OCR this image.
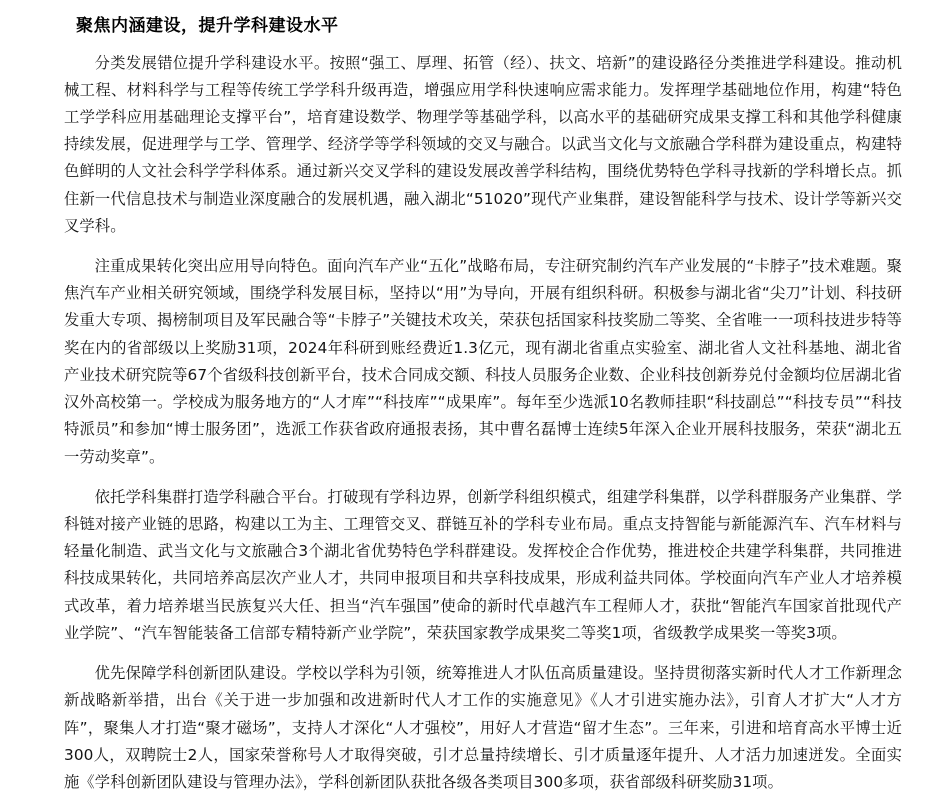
聚焦内涵建设，提升学科建设水平

分类发展错位提升学科建设水平。按照“强工、厚理、拓管（经）、扶文、培新”的建设路径分类推进学科建设。推动机械工程、材料科学与工程等传统工学学科升级再造，增强应用学科快速响应需求能力。发挥理学基础地位作用，构建“特色工学学科应用基础理论支撑平台”，培育建设数学、物理学等基础学科，以高水平的基础研究成果支撑工科和其他学科健康持续发展，促进理学与工学、管理学、经济学等学科领域的交叉与融合。以武当文化与文旅融合学科群为建设重点，构建特色鲜明的人文社会科学学科体系。通过新兴交叉学科的建设发展改善学科结构，围绕优势特色学科寻找新的学科增长点。抓住新一代信息技术与制造业深度融合的发展机遇，融入湖北“51020”现代产业集群，建设智能科学与技术、设计学等新兴交叉学科。

注重成果转化突出应用导向特色。面向汽车产业“五化”战略布局，专注研究制约汽车产业发展的“卡脖子”技术难题。聚焦汽车产业相关研究领域，围绕学科发展目标，坚持以“用”为导向，开展有组织科研。积极参与湖北省“尖刀”计划、科技研发重大专项、揭榜制项目及军民融合等“卡脖子”关键技术攻关，荣获包括国家科技奖励二等奖、全省唯一一项科技进步特等奖在内的省部级以上奖励31项，2024年科研到账经费近1.3亿元，现有湖北省重点实验室、湖北省人文社科基地、湖北省产业技术研究院等67个省级科技创新平台，技术合同成交额、科技人员服务企业数、企业科技创新券兑付金额均位居湖北省汉外高校第一。学校成为服务地方的“人才库”“科技库”“成果库”。每年至少选派10名教师挂职“科技副总”“科技专员”“科技特派员”和参加“博士服务团”，选派工作获省政府通报表扬，其中曹名磊博士连续5年深入企业开展科技服务，荣获“湖北五一劳动奖章”。

依托学科集群打造学科融合平台。打破现有学科边界，创新学科组织模式，组建学科集群，以学科群服务产业集群、学科链对接产业链的思路，构建以工为主、工理管交叉、群链互补的学科专业布局。重点支持智能与新能源汽车、汽车材料与轻量化制造、武当文化与文旅融合3个湖北省优势特色学科群建设。发挥校企合作优势，推进校企共建学科集群，共同推进科技成果转化，共同培养高层次产业人才，共同申报项目和共享科技成果，形成利益共同体。学校面向汽车产业人才培养模式改革，着力培养堪当民族复兴大任、担当“汽车强国”使命的新时代卓越汽车工程师人才，获批“智能汽车国家首批现代产业学院”、“汽车智能装备工信部专精特新产业学院”，荣获国家教学成果奖二等奖1项，省级教学成果奖一等奖3项。

优先保障学科创新团队建设。学校以学科为引领，统筹推进人才队伍高质量建设。坚持贯彻落实新时代人才工作新理念新战略新举措，出台《关于进一步加强和改进新时代人才工作的实施意见》《人才引进实施办法》，引育人才扩大“人才方阵”，聚集人才打造“聚才磁场”，支持人才深化“人才强校”，用好人才营造“留才生态”。三年来，引进和培育高水平博士近300人，双聘院士2人，国家荣誉称号人才取得突破，引才总量持续增长、引才质量逐年提升、人才活力加速迸发。全面实施《学科创新团队建设与管理办法》，学科创新团队获批各级各类项目300多项，获省部级科研奖励31项。
